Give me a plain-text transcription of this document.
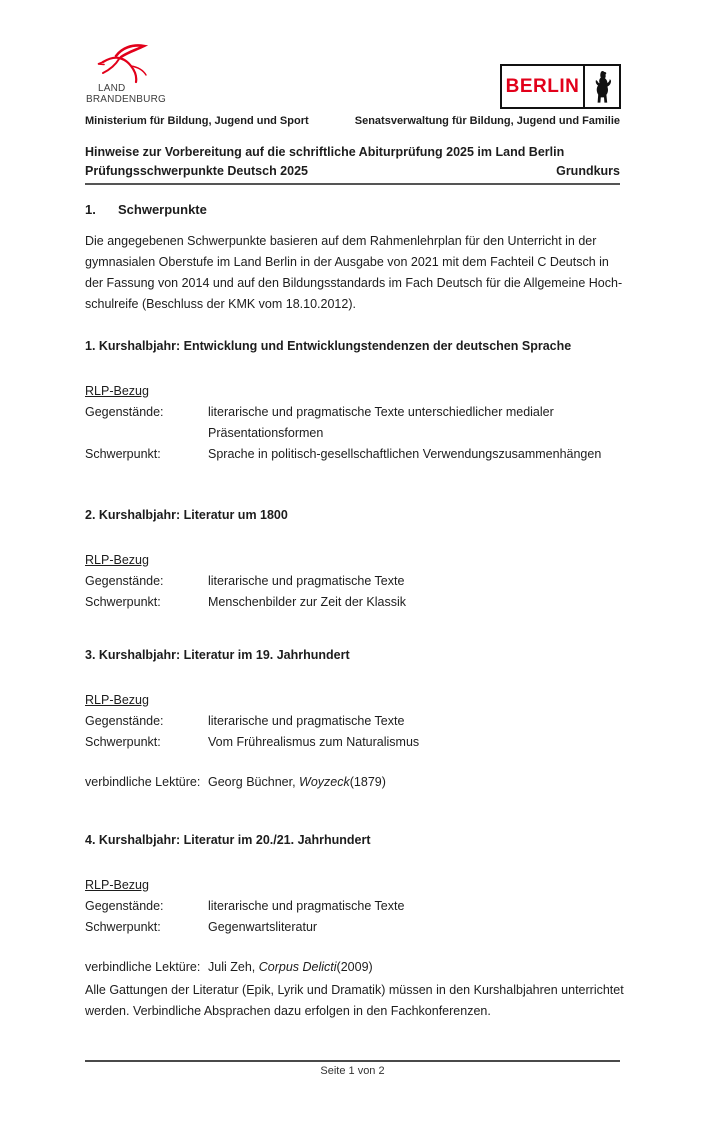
LAND
BRANDENBURG
Ministerium für Bildung, Jugend und Sport
BERLIN
Senatsverwaltung für Bildung, Jugend und Familie
Hinweise zur Vorbereitung auf die schriftliche Abiturprüfung 2025 im Land Berlin
Prüfungsschwerpunkte Deutsch 2025	Grundkurs
1. Schwerpunkte
Die angegebenen Schwerpunkte basieren auf dem Rahmenlehrplan für den Unterricht in der
gymnasialen Oberstufe im Land Berlin in der Ausgabe von 2021 mit dem Fachteil C Deutsch in
der Fassung von 2014 und auf den Bildungsstandards im Fach Deutsch für die Allgemeine Hoch-
schulreife (Beschluss der KMK vom 18.10.2012).
1. Kurshalbjahr: Entwicklung und Entwicklungstendenzen der deutschen Sprache
RLP-Bezug
Gegenstände:	literarische und pragmatische Texte unterschiedlicher medialer
Präsentationsformen
Schwerpunkt:	Sprache in politisch-gesellschaftlichen Verwendungszusammenhängen
2. Kurshalbjahr: Literatur um 1800
RLP-Bezug
Gegenstände:	literarische und pragmatische Texte
Schwerpunkt:	Menschenbilder zur Zeit der Klassik
3. Kurshalbjahr: Literatur im 19. Jahrhundert
RLP-Bezug
Gegenstände:	literarische und pragmatische Texte
Schwerpunkt:	Vom Frührealismus zum Naturalismus
verbindliche Lektüre: Georg Büchner, Woyzeck(1879)
4. Kurshalbjahr: Literatur im 20./21. Jahrhundert
RLP-Bezug
Gegenstände:	literarische und pragmatische Texte
Schwerpunkt:	Gegenwartsliteratur
verbindliche Lektüre: Juli Zeh, Corpus Delicti(2009)
Alle Gattungen der Literatur (Epik, Lyrik und Dramatik) müssen in den Kurshalbjahren unterrichtet
werden. Verbindliche Absprachen dazu erfolgen in den Fachkonferenzen.
Seite 1 von 2
